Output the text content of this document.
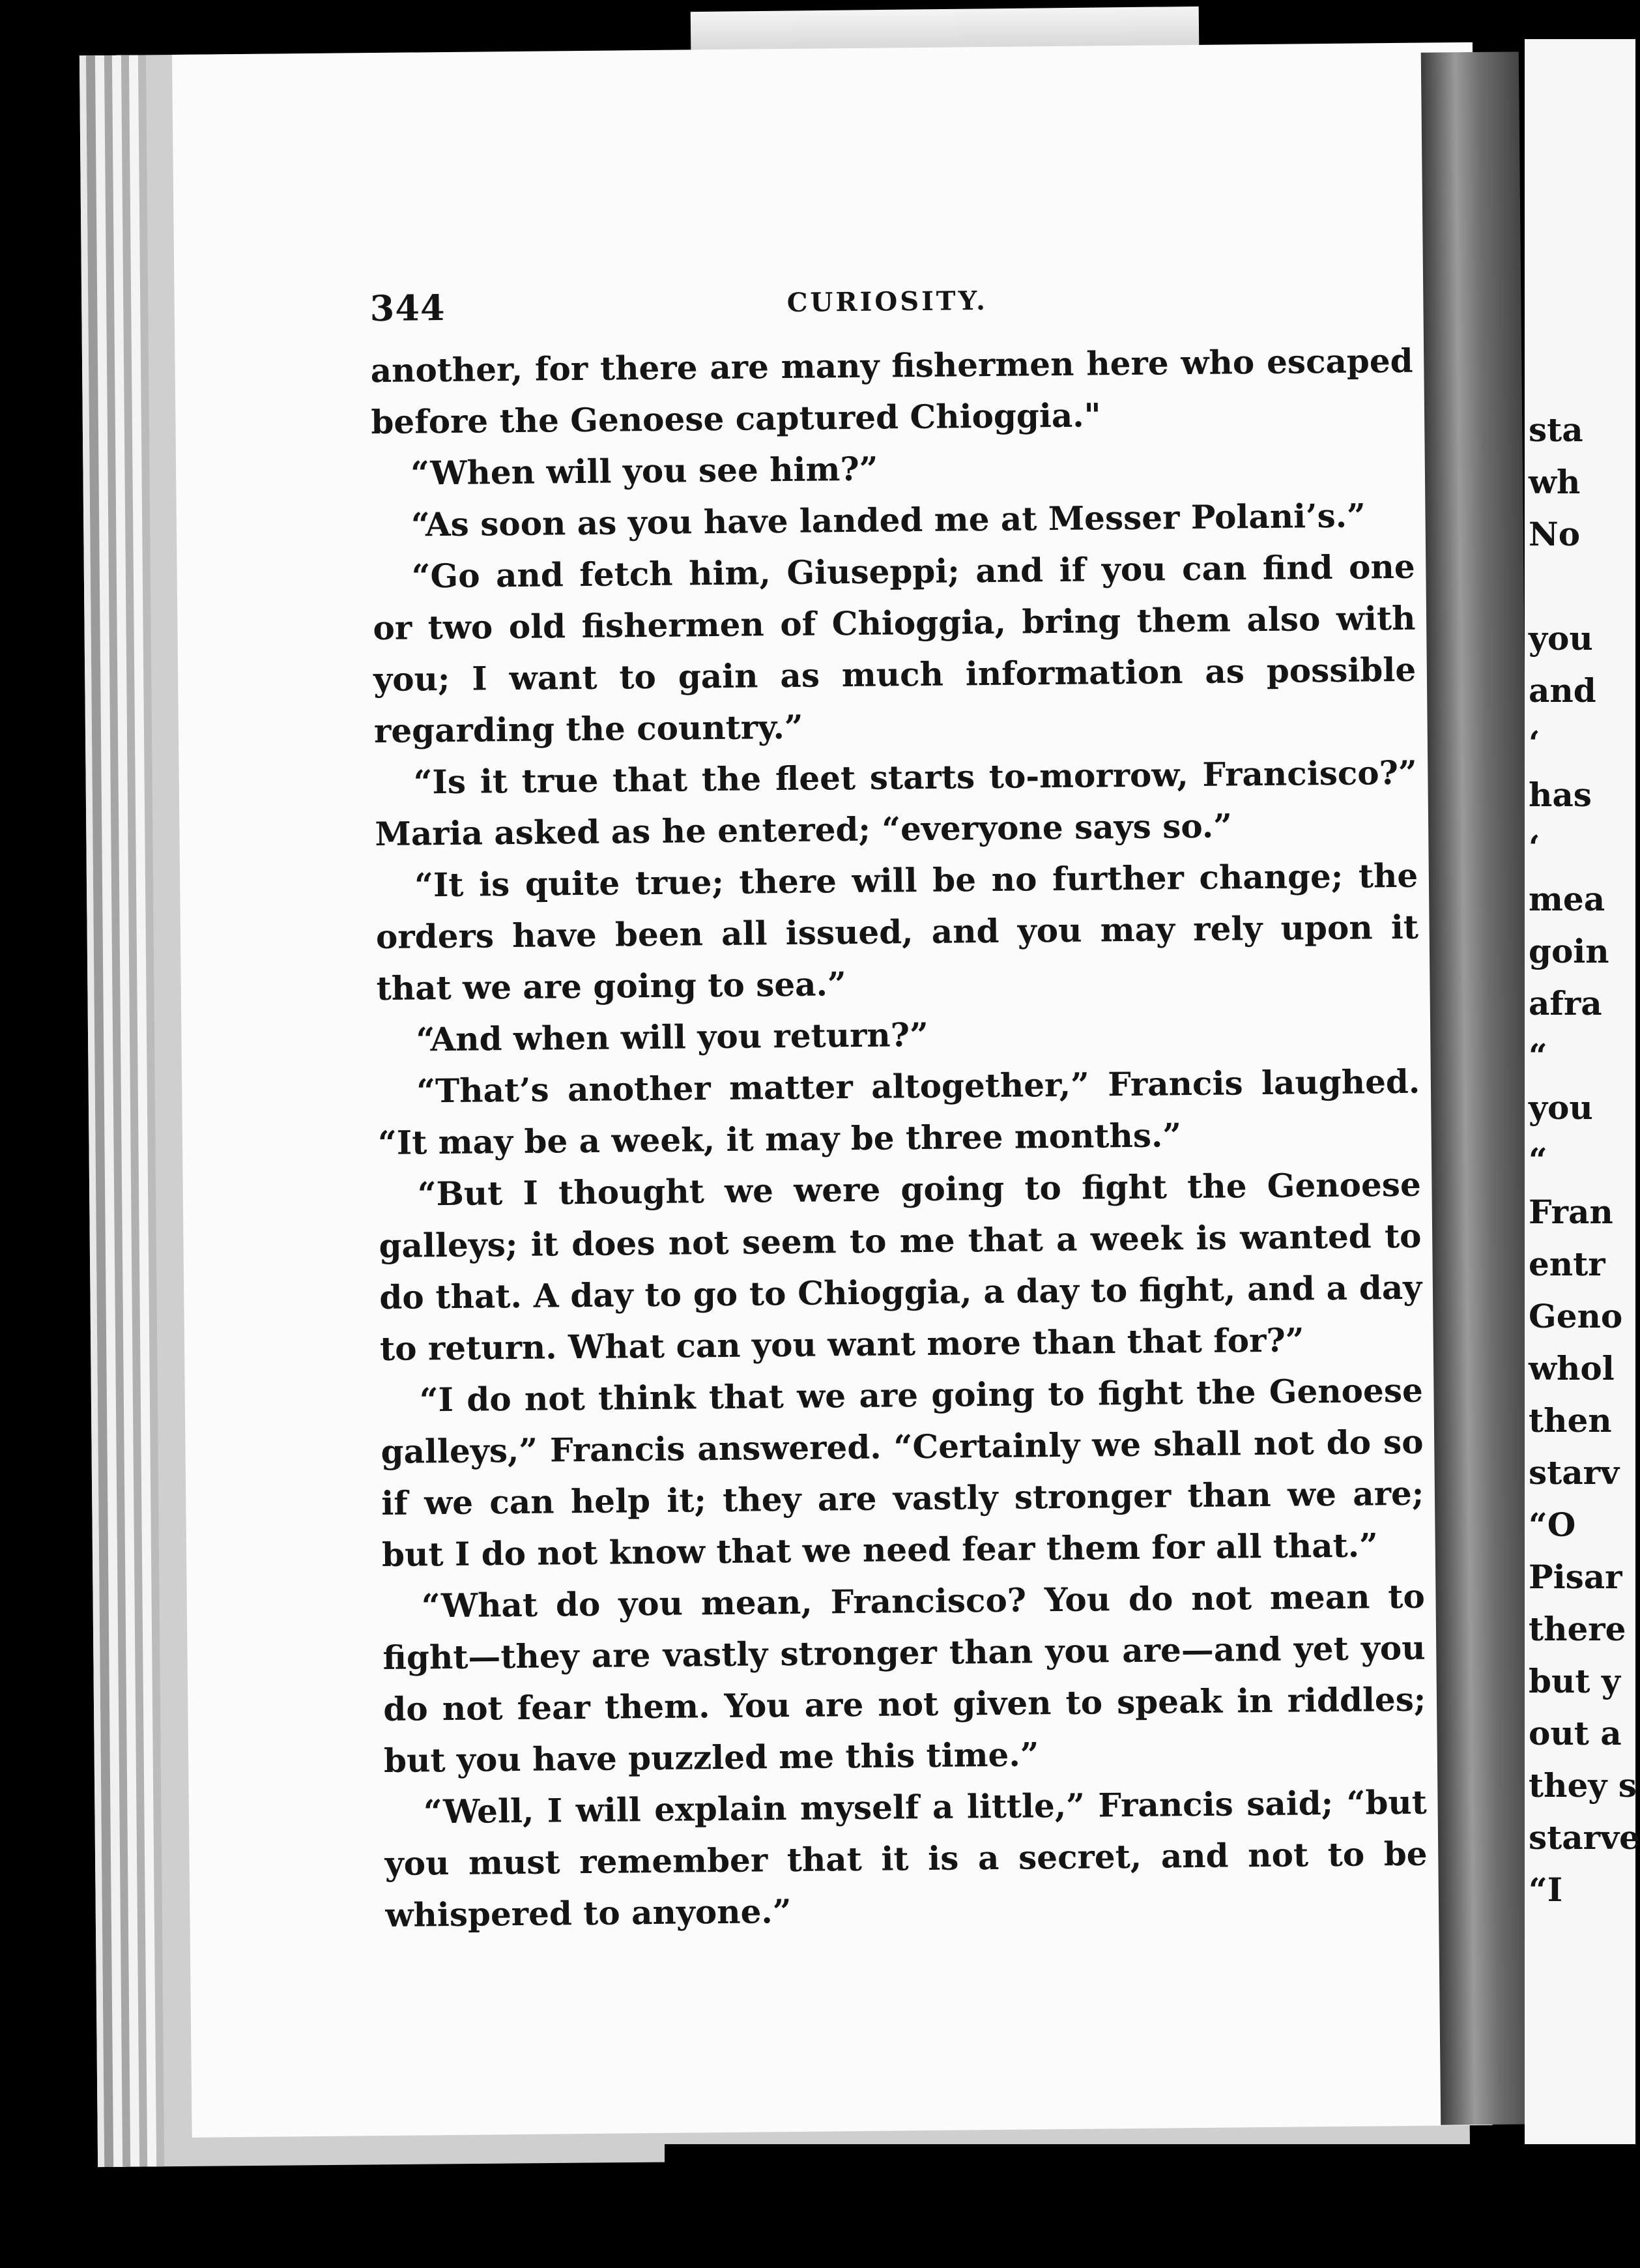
344	CURIOSITY.

another, for there are many fishermen here who escaped before the Genoese captured Chioggia."

“When will you see him?”

“As soon as you have landed me at Messer Polani’s.”

“Go and fetch him, Giuseppi; and if you can find one or two old fishermen of Chioggia, bring them also with you; I want to gain as much information as possible regarding the country.”

“Is it true that the fleet starts to-morrow, Francisco?” Maria asked as he entered; “everyone says so.”

“It is quite true; there will be no further change; the orders have been all issued, and you may rely upon it that we are going to sea.”

“And when will you return?”

“That’s another matter altogether,” Francis laughed. “It may be a week, it may be three months.”

“But I thought we were going to fight the Genoese galleys; it does not seem to me that a week is wanted to do that. A day to go to Chioggia, a day to fight, and a day to return. What can you want more than that for?”

“I do not think that we are going to fight the Genoese galleys,” Francis answered. “Certainly we shall not do so if we can help it; they are vastly stronger than we are; but I do not know that we need fear them for all that.”

“What do you mean, Francisco? You do not mean to fight—they are vastly stronger than you are—and yet you do not fear them. You are not given to speak in riddles; but you have puzzled me this time.”

“Well, I will explain myself a little,” Francis said; “but you must remember that it is a secret, and not to be whispered to anyone.”

sta
wh
No
you
and
‘
has
‘
mea
goin
afra
“
you
“
Fran
entr
Geno
whol
then
starv
“O
Pisar
there
but y
out a
they s
starve
“I
